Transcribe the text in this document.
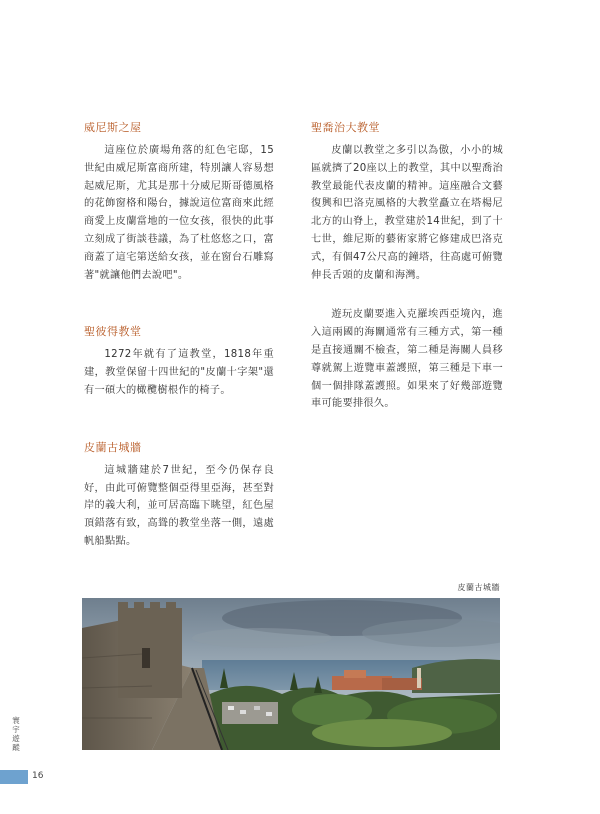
威尼斯之屋

這座位於廣場角落的紅色宅邸，15世紀由威尼斯富商所建，特別讓人容易想起威尼斯，尤其是那十分威尼斯哥德風格的花飾窗格和陽台，據說這位富商來此經商愛上皮蘭當地的一位女孩，很快的此事立刻成了街談巷議，為了杜悠悠之口，富商蓋了這宅第送給女孩，並在窗台石雕寫著"就讓他們去說吧"。

聖彼得教堂

1272年就有了這教堂，1818年重建，教堂保留十四世紀的"皮蘭十字架"還有一碩大的橄欖樹根作的椅子。

皮蘭古城牆

這城牆建於7世紀，至今仍保存良好，由此可俯覽整個亞得里亞海，甚至對岸的義大利，並可居高臨下眺望，紅色屋頂錯落有致，高聳的教堂坐落一側，遠處帆船點點。

聖喬治大教堂

皮蘭以教堂之多引以為傲，小小的城區就擠了20座以上的教堂，其中以聖喬治教堂最能代表皮蘭的精神。這座融合文藝復興和巴洛克風格的大教堂矗立在塔楊尼北方的山脊上，教堂建於14世紀，到了十七世，維尼斯的藝術家將它修建成巴洛克式，有個47公尺高的鐘塔，往高處可俯覽伸長舌頭的皮蘭和海灣。

遊玩皮蘭要進入克羅埃西亞境內，進入這兩國的海關通常有三種方式，第一種是直接通關不檢查，第二種是海關人員移尊就駕上遊覽車蓋護照，第三種是下車一個一個排隊蓋護照。如果來了好幾部遊覽車可能要排很久。

皮蘭古城牆
寰宇遊蹤
16
